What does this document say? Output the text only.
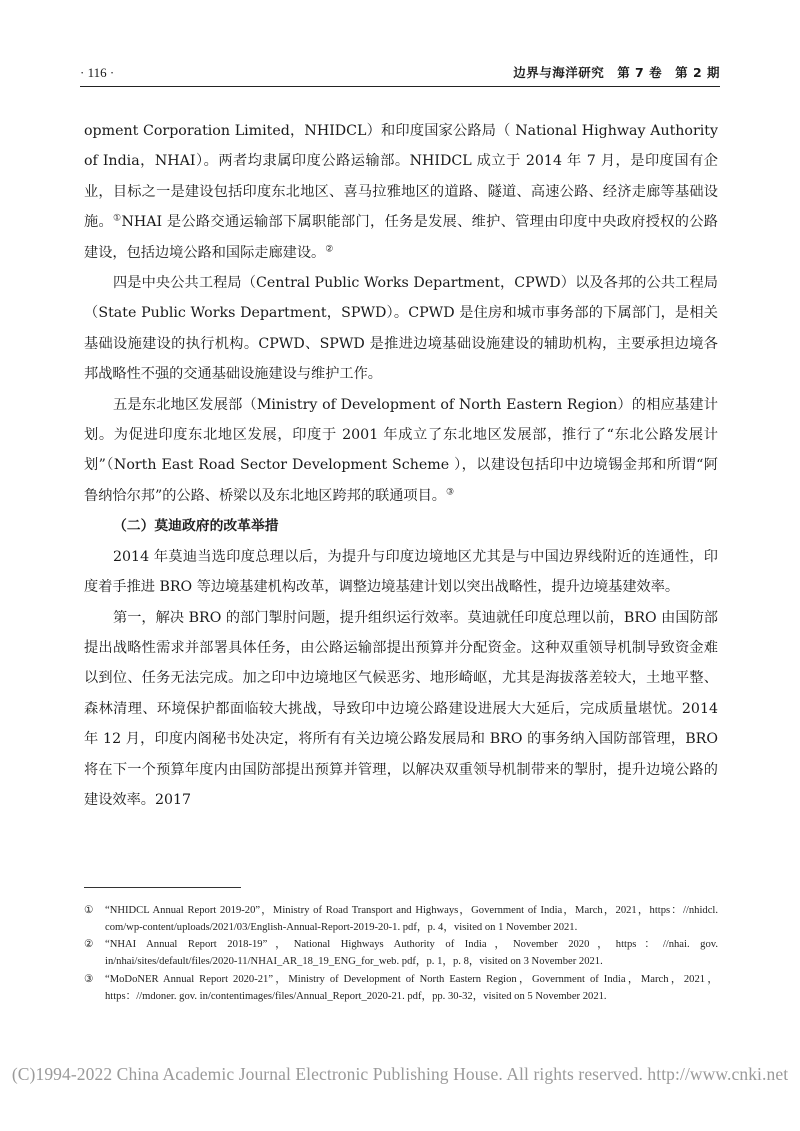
· 116 ·	边界与海洋研究　第 7 卷　第 2 期

opment Corporation Limited，NHIDCL）和印度国家公路局（ National Highway Authority of India，NHAI）。两者均隶属印度公路运输部。NHIDCL 成立于 2014 年 7 月，是印度国有企业，目标之一是建设包括印度东北地区、喜马拉雅地区的道路、隧道、高速公路、经济走廊等基础设施。①NHAI 是公路交通运输部下属职能部门，任务是发展、维护、管理由印度中央政府授权的公路建设，包括边境公路和国际走廊建设。②

四是中央公共工程局（Central Public Works Department，CPWD）以及各邦的公共工程局（State Public Works Department，SPWD）。CPWD 是住房和城市事务部的下属部门，是相关基础设施建设的执行机构。CPWD、SPWD 是推进边境基础设施建设的辅助机构，主要承担边境各邦战略性不强的交通基础设施建设与维护工作。

五是东北地区发展部（Ministry of Development of North Eastern Region）的相应基建计划。为促进印度东北地区发展，印度于 2001 年成立了东北地区发展部，推行了“东北公路发展计划”（North East Road Sector Development Scheme ），以建设包括印中边境锡金邦和所谓“阿鲁纳恰尔邦”的公路、桥梁以及东北地区跨邦的联通项目。③

（二）莫迪政府的改革举措

2014 年莫迪当选印度总理以后，为提升与印度边境地区尤其是与中国边界线附近的连通性，印度着手推进 BRO 等边境基建机构改革，调整边境基建计划以突出战略性，提升边境基建效率。

第一，解决 BRO 的部门掣肘问题，提升组织运行效率。莫迪就任印度总理以前，BRO 由国防部提出战略性需求并部署具体任务，由公路运输部提出预算并分配资金。这种双重领导机制导致资金难以到位、任务无法完成。加之印中边境地区气候恶劣、地形崎岖，尤其是海拔落差较大，土地平整、森林清理、环境保护都面临较大挑战，导致印中边境公路建设进展大大延后，完成质量堪忧。2014 年 12 月，印度内阁秘书处决定，将所有有关边境公路发展局和 BRO 的事务纳入国防部管理，BRO 将在下一个预算年度内由国防部提出预算并管理，以解决双重领导机制带来的掣肘，提升边境公路的建设效率。2017

① “NHIDCL Annual Report 2019-20”，Ministry of Road Transport and Highways，Government of India，March，2021，https：//nhidcl. com/wp-content/uploads/2021/03/English-Annual-Report-2019-20-1. pdf，p. 4，visited on 1 November 2021.
② “NHAI Annual Report 2018-19”，National Highways Authority of India，November 2020，https：//nhai. gov. in/nhai/sites/default/files/2020-11/NHAI_AR_18_19_ENG_for_web. pdf，p. 1，p. 8，visited on 3 November 2021.
③ “MoDoNER Annual Report 2020-21”，Ministry of Development of North Eastern Region，Government of India，March，2021，https：//mdoner. gov. in/contentimages/files/Annual_Report_2020-21. pdf，pp. 30-32，visited on 5 November 2021.
(C)1994-2022 China Academic Journal Electronic Publishing House. All rights reserved. http://www.cnki.net
